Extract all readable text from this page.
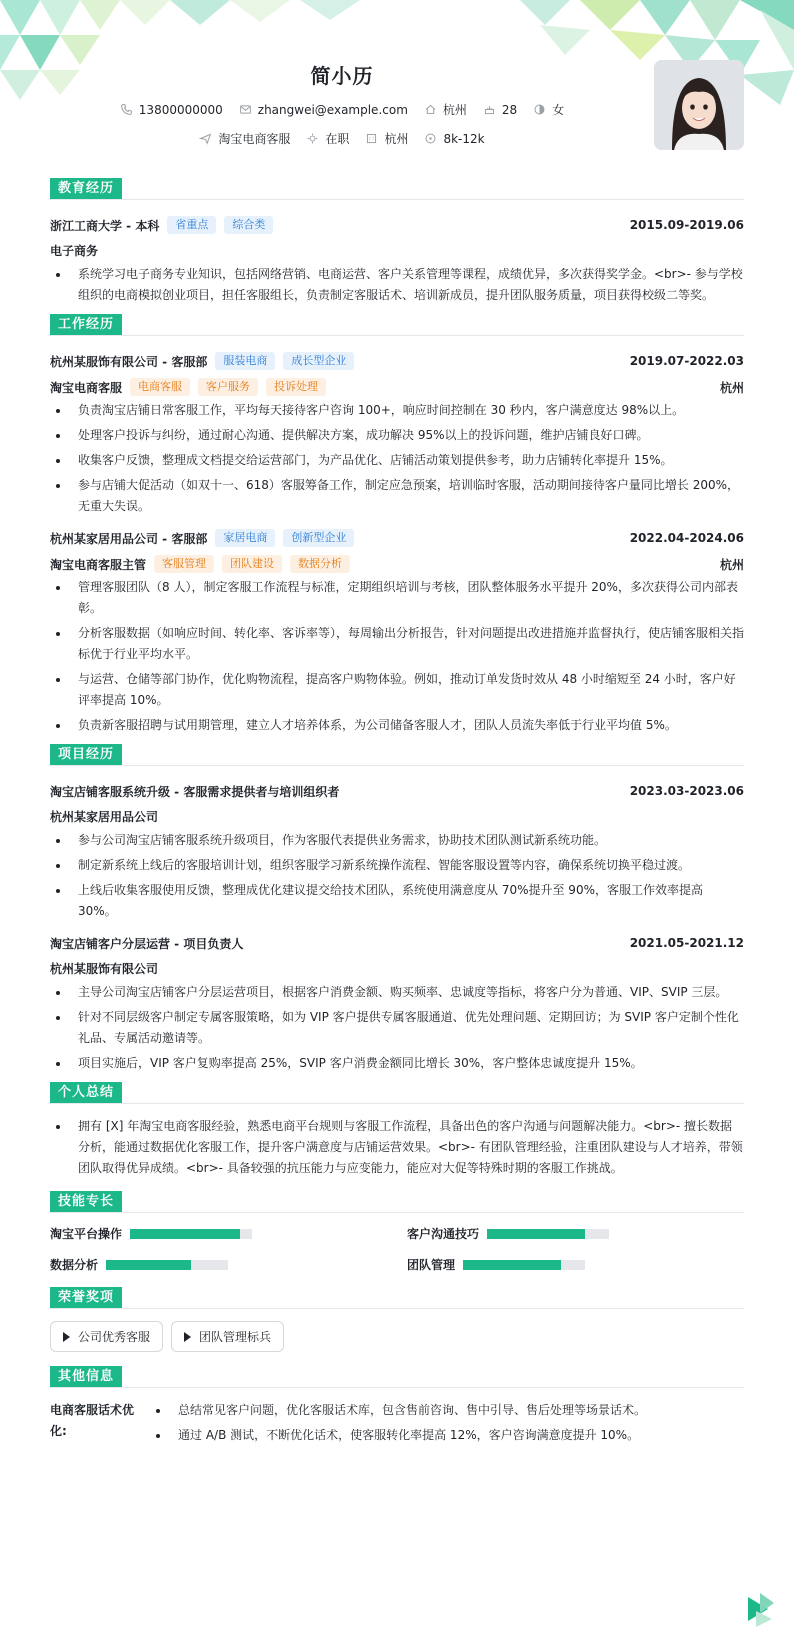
简小历
13800000000	zhangwei@example.com	杭州	28	女
淘宝电商客服	在职	杭州	8k-12k
教育经历
浙江工商大学 - 本科	省重点	综合类	2015.09-2019.06
电子商务
系统学习电子商务专业知识，包括网络营销、电商运营、客户关系管理等课程，成绩优异，多次获得奖学金。<br>- 参与学校组织的电商模拟创业项目，担任客服组长，负责制定客服话术、培训新成员，提升团队服务质量，项目获得校级二等奖。
工作经历
杭州某服饰有限公司 - 客服部	服装电商	成长型企业	2019.07-2022.03
淘宝电商客服	电商客服	客户服务	投诉处理	杭州
负责淘宝店铺日常客服工作，平均每天接待客户咨询 100+，响应时间控制在 30 秒内，客户满意度达 98%以上。
处理客户投诉与纠纷，通过耐心沟通、提供解决方案，成功解决 95%以上的投诉问题，维护店铺良好口碑。
收集客户反馈，整理成文档提交给运营部门，为产品优化、店铺活动策划提供参考，助力店铺转化率提升 15%。
参与店铺大促活动（如双十一、618）客服筹备工作，制定应急预案，培训临时客服，活动期间接待客户量同比增长 200%，无重大失误。
杭州某家居用品公司 - 客服部	家居电商	创新型企业	2022.04-2024.06
淘宝电商客服主管	客服管理	团队建设	数据分析	杭州
管理客服团队（8 人），制定客服工作流程与标准，定期组织培训与考核，团队整体服务水平提升 20%，多次获得公司内部表彰。
分析客服数据（如响应时间、转化率、客诉率等），每周输出分析报告，针对问题提出改进措施并监督执行，使店铺客服相关指标优于行业平均水平。
与运营、仓储等部门协作，优化购物流程，提高客户购物体验。例如，推动订单发货时效从 48 小时缩短至 24 小时，客户好评率提高 10%。
负责新客服招聘与试用期管理，建立人才培养体系，为公司储备客服人才，团队人员流失率低于行业平均值 5%。
项目经历
淘宝店铺客服系统升级 - 客服需求提供者与培训组织者	2023.03-2023.06
杭州某家居用品公司
参与公司淘宝店铺客服系统升级项目，作为客服代表提供业务需求，协助技术团队测试新系统功能。
制定新系统上线后的客服培训计划，组织客服学习新系统操作流程、智能客服设置等内容，确保系统切换平稳过渡。
上线后收集客服使用反馈，整理成优化建议提交给技术团队，系统使用满意度从 70%提升至 90%，客服工作效率提高 30%。
淘宝店铺客户分层运营 - 项目负责人	2021.05-2021.12
杭州某服饰有限公司
主导公司淘宝店铺客户分层运营项目，根据客户消费金额、购买频率、忠诚度等指标，将客户分为普通、VIP、SVIP 三层。
针对不同层级客户制定专属客服策略，如为 VIP 客户提供专属客服通道、优先处理问题、定期回访；为 SVIP 客户定制个性化礼品、专属活动邀请等。
项目实施后，VIP 客户复购率提高 25%，SVIP 客户消费金额同比增长 30%，客户整体忠诚度提升 15%。
个人总结
拥有 [X] 年淘宝电商客服经验，熟悉电商平台规则与客服工作流程，具备出色的客户沟通与问题解决能力。<br>- 擅长数据分析，能通过数据优化客服工作，提升客户满意度与店铺运营效果。<br>- 有团队管理经验，注重团队建设与人才培养，带领团队取得优异成绩。<br>- 具备较强的抗压能力与应变能力，能应对大促等特殊时期的客服工作挑战。
技能专长
淘宝平台操作	客户沟通技巧
数据分析	团队管理
荣誉奖项
公司优秀客服	团队管理标兵
其他信息
电商客服话术优化:
总结常见客户问题，优化客服话术库，包含售前咨询、售中引导、售后处理等场景话术。
通过 A/B 测试，不断优化话术，使客服转化率提高 12%，客户咨询满意度提升 10%。
